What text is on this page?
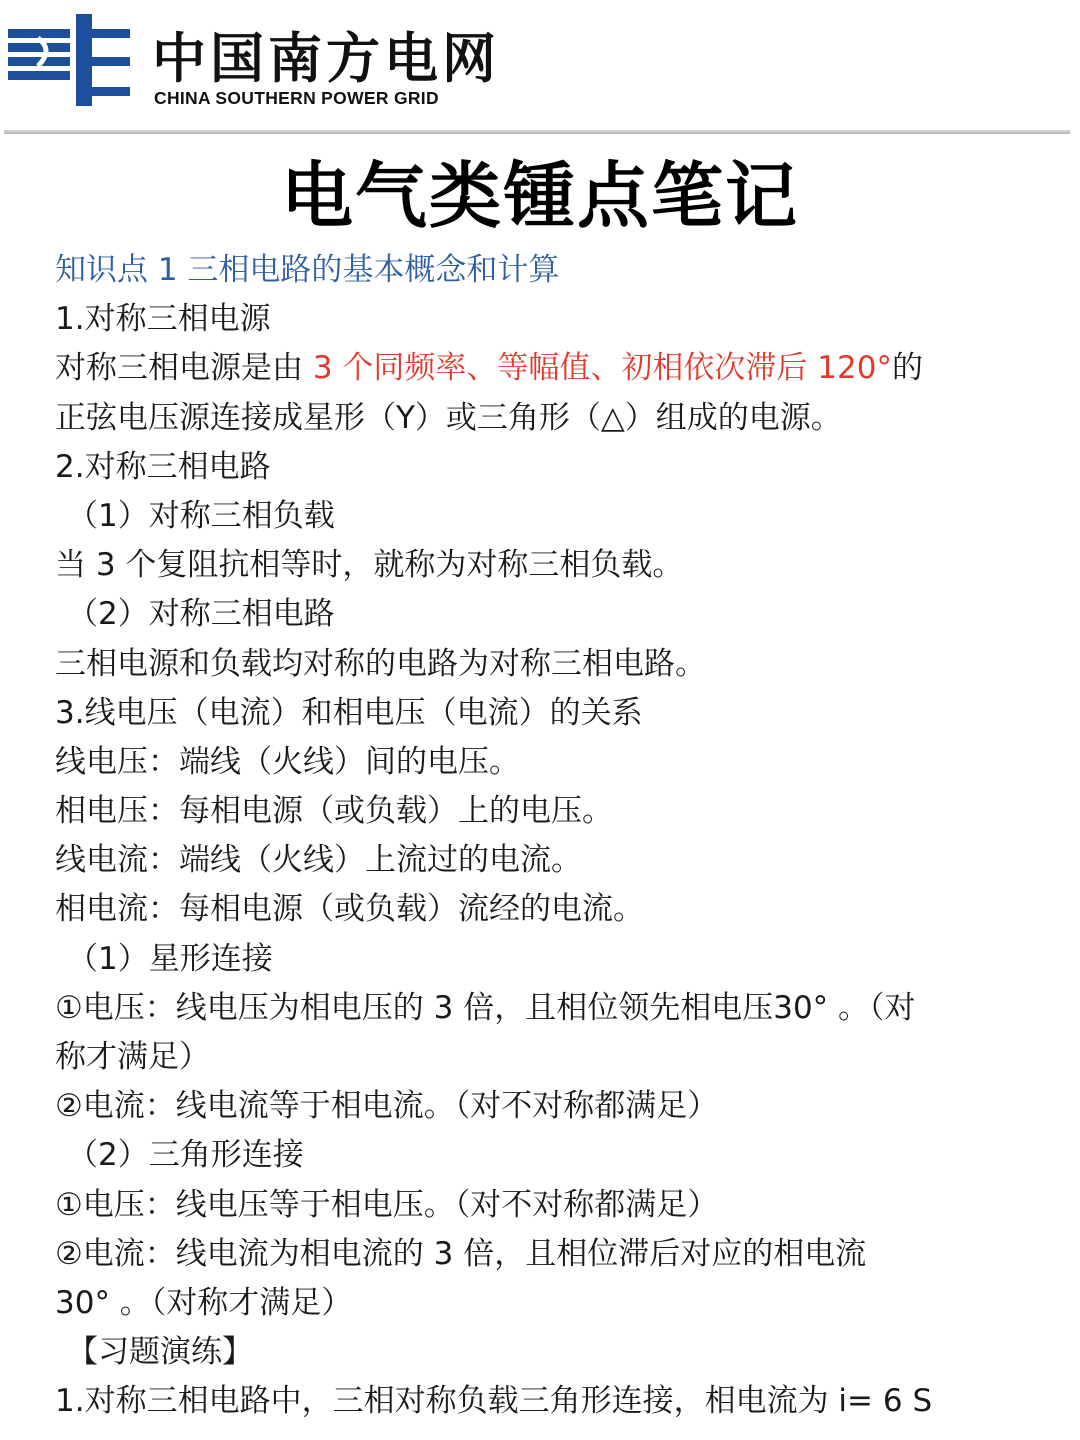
中国南方电网
CHINA SOUTHERN POWER GRID
电气类锺点笔记
知识点 1 三相电路的基本概念和计算
1.对称三相电源
对称三相电源是由 3 个同频率、等幅值、初相依次滞后 120°的
正弦电压源连接成星形（Y）或三角形（△）组成的电源。
2.对称三相电路
（1）对称三相负载
当 3 个复阻抗相等时，就称为对称三相负载。
（2）对称三相电路
三相电源和负载均对称的电路为对称三相电路。
3.线电压（电流）和相电压（电流）的关系
线电压：端线（火线）间的电压。
相电压：每相电源（或负载）上的电压。
线电流：端线（火线）上流过的电流。
相电流：每相电源（或负载）流经的电流。
（1）星形连接
①电压：线电压为相电压的 3 倍，且相位领先相电压30° 。（对
称才满足）
②电流：线电流等于相电流。（对不对称都满足）
（2）三角形连接
①电压：线电压等于相电压。（对不对称都满足）
②电流：线电流为相电流的 3 倍，且相位滞后对应的相电流
30° 。（对称才满足）
【习题演练】
1.对称三相电路中，三相对称负载三角形连接，相电流为 i= 6 S
